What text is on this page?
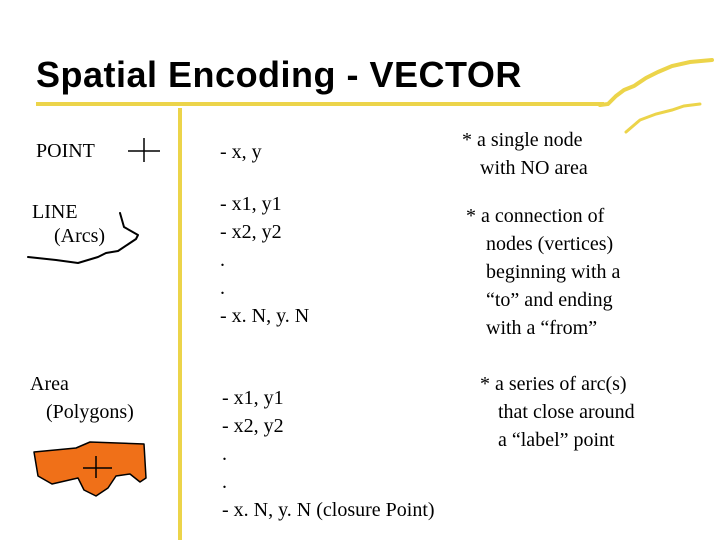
Spatial Encoding - VECTOR
POINT	- x, y
* a single node
with NO area
LINE
(Arcs)
- x1, y1
- x2, y2
.
.
- x. N, y. N
* a connection of
nodes (vertices)
beginning with a
“to” and ending
with a “from”
Area
(Polygons)
- x1, y1
- x2, y2
.
.
- x. N, y. N (closure Point)
* a series of arc(s)
that close around
a “label” point
